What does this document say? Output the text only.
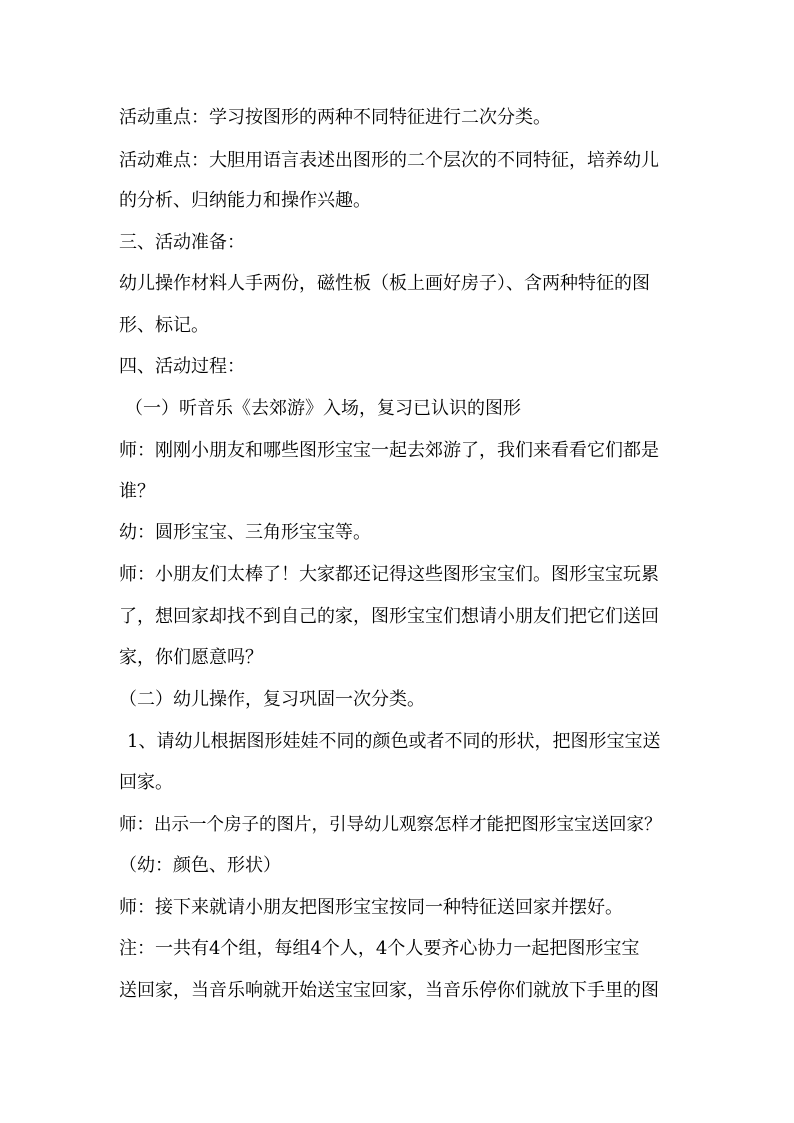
活动重点：学习按图形的两种不同特征进行二次分类。
活动难点：大胆用语言表述出图形的二个层次的不同特征，培养幼儿
的分析、归纳能力和操作兴趣。
三、活动准备：
幼儿操作材料人手两份，磁性板（板上画好房子）、含两种特征的图
形、标记。
四、活动过程：
（一）听音乐《去郊游》入场，复习已认识的图形
师：刚刚小朋友和哪些图形宝宝一起去郊游了，我们来看看它们都是
谁？
幼：圆形宝宝、三角形宝宝等。
师：小朋友们太棒了！大家都还记得这些图形宝宝们。图形宝宝玩累
了，想回家却找不到自己的家，图形宝宝们想请小朋友们把它们送回
家，你们愿意吗？
（二）幼儿操作，复习巩固一次分类。
1、请幼儿根据图形娃娃不同的颜色或者不同的形状，把图形宝宝送
回家。
师：出示一个房子的图片，引导幼儿观察怎样才能把图形宝宝送回家？
（幼：颜色、形状）
师：接下来就请小朋友把图形宝宝按同一种特征送回家并摆好。
注：一共有4个组，每组4个人，4个人要齐心协力一起把图形宝宝
送回家，当音乐响就开始送宝宝回家，当音乐停你们就放下手里的图
